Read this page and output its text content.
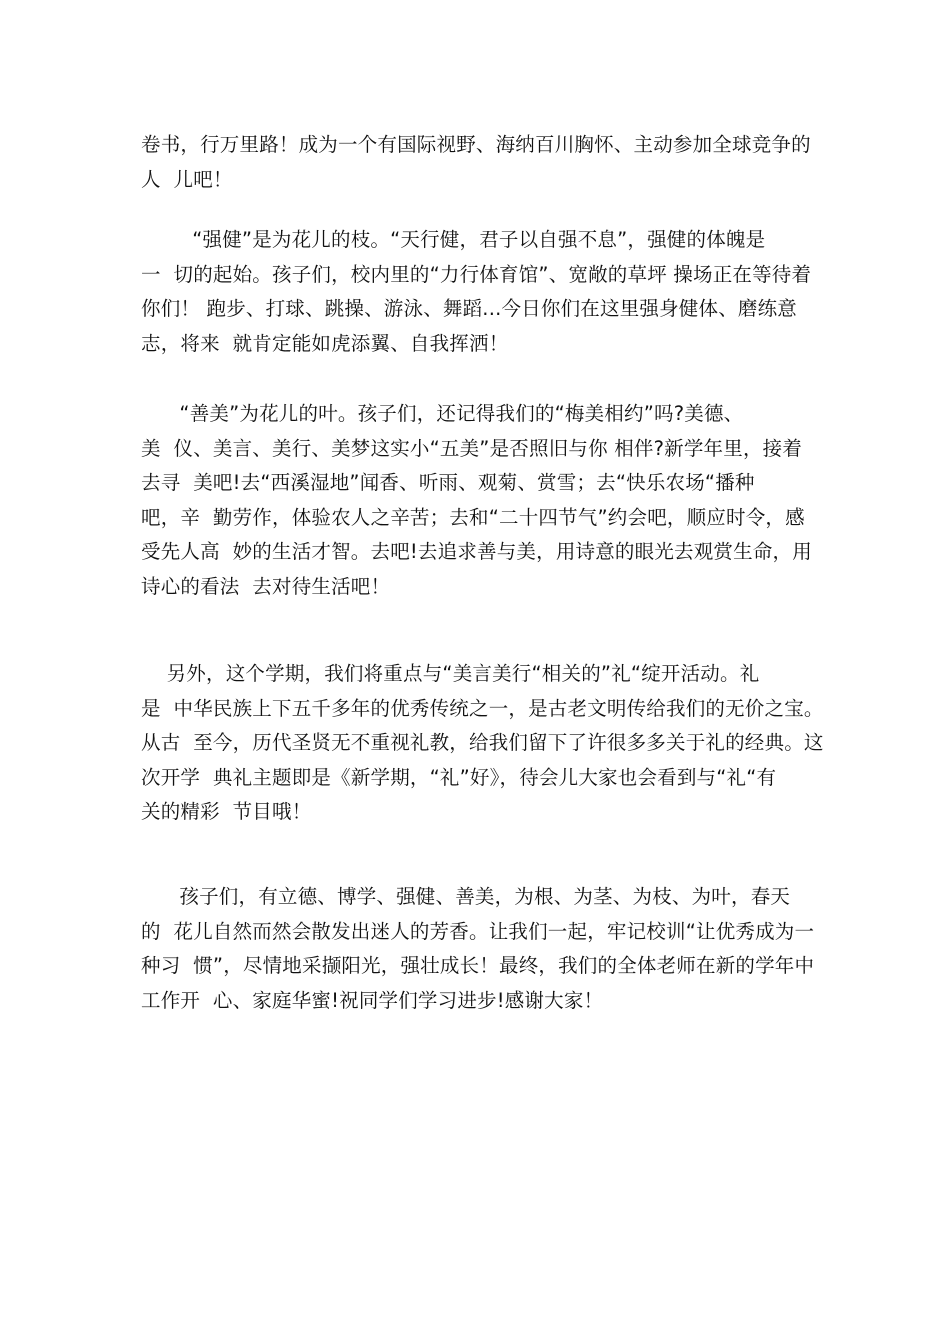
卷书，行万里路！成为一个有国际视野、海纳百川胸怀、主动参加全球竞争的
人  儿吧！
“强健”是为花儿的枝。“天行健，君子以自强不息”，强健的体魄是
一  切的起始。孩子们，校内里的“力行体育馆”、宽敞的草坪 操场正在等待着
你们！ 跑步、打球、跳操、游泳、舞蹈...今日你们在这里强身健体、磨练意
志，将来  就肯定能如虎添翼、自我挥洒！
“善美”为花儿的叶。孩子们，还记得我们的“梅美相约”吗?美德、
美  仪、美言、美行、美梦这实小“五美”是否照旧与你 相伴?新学年里，接着
去寻  美吧!去“西溪湿地”闻香、听雨、观菊、赏雪；去“快乐农场“播种
吧，辛  勤劳作，体验农人之辛苦；去和“二十四节气”约会吧，顺应时令，感
受先人高  妙的生活才智。去吧!去追求善与美，用诗意的眼光去观赏生命，用
诗心的看法  去对待生活吧！
另外，这个学期，我们将重点与“美言美行“相关的”礼“绽开活动。礼
是  中华民族上下五千多年的优秀传统之一，是古老文明传给我们的无价之宝。
从古  至今，历代圣贤无不重视礼教，给我们留下了许很多多关于礼的经典。这
次开学  典礼主题即是《新学期，“礼”好》，待会儿大家也会看到与“礼“有
关的精彩  节目哦！
孩子们，有立德、博学、强健、善美，为根、为茎、为枝、为叶，春天
的  花儿自然而然会散发出迷人的芳香。让我们一起，牢记校训“让优秀成为一
种习  惯”，尽情地采撷阳光，强壮成长！最终，我们的全体老师在新的学年中
工作开  心、家庭华蜜!祝同学们学习进步!感谢大家！
